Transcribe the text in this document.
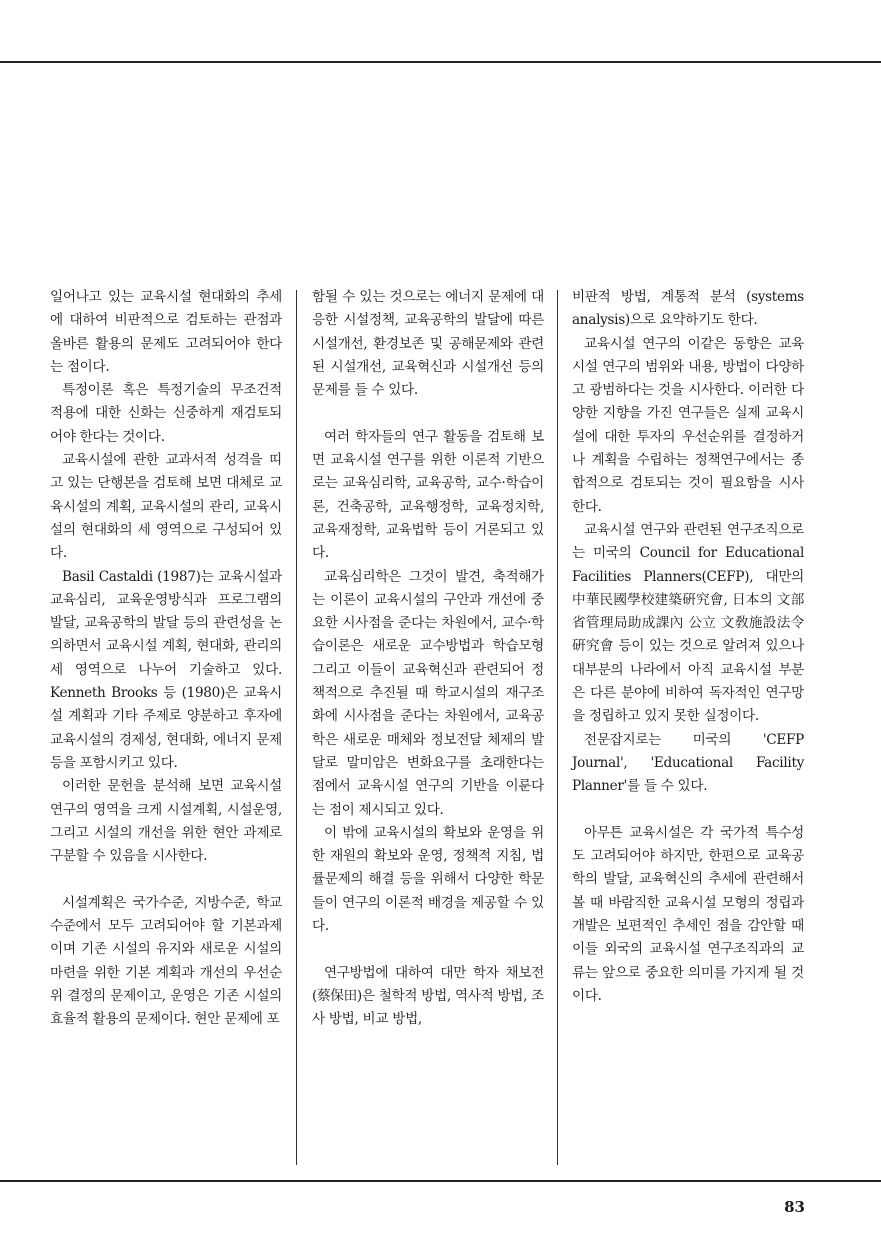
일어나고 있는 교육시설 현대화의 추세에 대하여 비판적으로 검토하는 관점과 올바른 활용의 문제도 고려되어야 한다는 점이다.

특정이론 혹은 특정기술의 무조건적 적용에 대한 신화는 신중하게 재검토되어야 한다는 것이다.

교육시설에 관한 교과서적 성격을 띠고 있는 단행본을 검토해 보면 대체로 교육시설의 계획, 교육시설의 관리, 교육시설의 현대화의 세 영역으로 구성되어 있다.

Basil Castaldi (1987)는 교육시설과 교육심리, 교육운영방식과 프로그램의 발달, 교육공학의 발달 등의 관련성을 논의하면서 교육시설 계획, 현대화, 관리의 세 영역으로 나누어 기술하고 있다. Kenneth Brooks 등 (1980)은 교육시설 계획과 기타 주제로 양분하고 후자에 교육시설의 경제성, 현대화, 에너지 문제 등을 포함시키고 있다.

이러한 문헌을 분석해 보면 교육시설 연구의 영역을 크게 시설계획, 시설운영, 그리고 시설의 개선을 위한 현안 과제로 구분할 수 있음을 시사한다.

시설계획은 국가수준, 지방수준, 학교수준에서 모두 고려되어야 할 기본과제이며 기존 시설의 유지와 새로운 시설의 마련을 위한 기본 계획과 개선의 우선순위 결정의 문제이고, 운영은 기존 시설의 효율적 활용의 문제이다. 현안 문제에 포

함될 수 있는 것으로는 에너지 문제에 대응한 시설정책, 교육공학의 발달에 따른 시설개선, 환경보존 및 공해문제와 관련된 시설개선, 교육혁신과 시설개선 등의 문제를 들 수 있다.

여러 학자들의 연구 활동을 검토해 보면 교육시설 연구를 위한 이론적 기반으로는 교육심리학, 교육공학, 교수·학습이론, 건축공학, 교육행정학, 교육정치학, 교육재정학, 교육법학 등이 거론되고 있다.

교육심리학은 그것이 발견, 축적해가는 이론이 교육시설의 구안과 개선에 중요한 시사점을 준다는 차원에서, 교수·학습이론은 새로운 교수방법과 학습모형 그리고 이들이 교육혁신과 관련되어 정책적으로 추진될 때 학교시설의 재구조화에 시사점을 준다는 차원에서, 교육공학은 새로운 매체와 정보전달 체제의 발달로 말미암은 변화요구를 초래한다는 점에서 교육시설 연구의 기반을 이룬다는 점이 제시되고 있다.

이 밖에 교육시설의 확보와 운영을 위한 재원의 확보와 운영, 정책적 지침, 법률문제의 해결 등을 위해서 다양한 학문들이 연구의 이론적 배경을 제공할 수 있다.

연구방법에 대하여 대만 학자 채보전(蔡保田)은 철학적 방법, 역사적 방법, 조사 방법, 비교 방법,

비판적 방법, 계통적 분석 (systems analysis)으로 요약하기도 한다.

교육시설 연구의 이같은 동향은 교육시설 연구의 범위와 내용, 방법이 다양하고 광범하다는 것을 시사한다. 이러한 다양한 지향을 가진 연구들은 실제 교육시설에 대한 투자의 우선순위를 결정하거나 계획을 수립하는 정책연구에서는 종합적으로 검토되는 것이 필요함을 시사한다.

교육시설 연구와 관련된 연구조직으로는 미국의 Council for Educational Facilities Planners(CEFP), 대만의 中華民國學校建築硏究會, 日本의 文部省管理局助成課內 公立 文敎施設法令硏究會 등이 있는 것으로 알려져 있으나 대부분의 나라에서 아직 교육시설 부분은 다른 분야에 비하여 독자적인 연구망을 정립하고 있지 못한 실정이다.

전문잡지로는 미국의 'CEFP Journal', 'Educational Facility Planner'를 들 수 있다.

아무튼 교육시설은 각 국가적 특수성도 고려되어야 하지만, 한편으로 교육공학의 발달, 교육혁신의 추세에 관련해서 볼 때 바람직한 교육시설 모형의 정립과 개발은 보편적인 추세인 점을 감안할 때 이들 외국의 교육시설 연구조직과의 교류는 앞으로 중요한 의미를 가지게 될 것이다.

83
